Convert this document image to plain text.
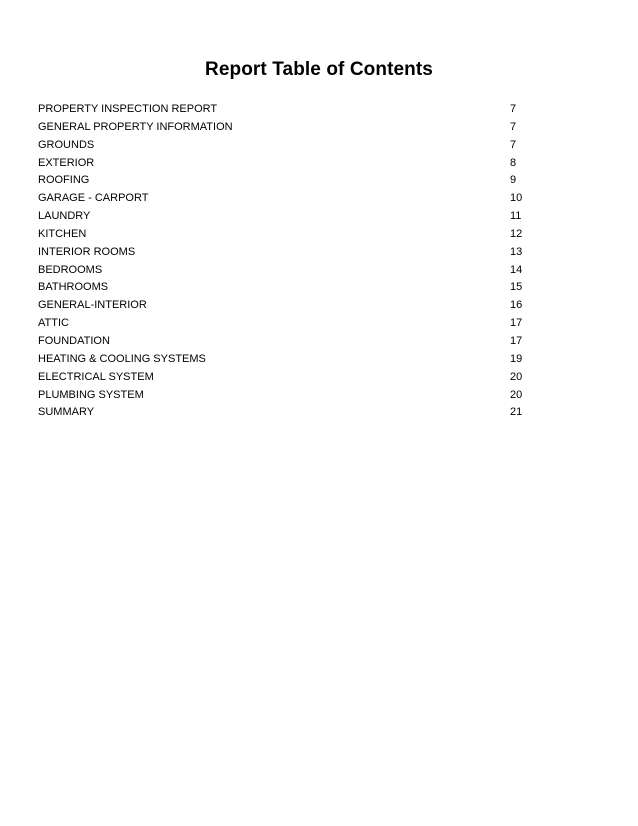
Report Table of Contents
PROPERTY INSPECTION REPORT	7
GENERAL PROPERTY INFORMATION	7
GROUNDS	7
EXTERIOR	8
ROOFING	9
GARAGE - CARPORT	10
LAUNDRY	11
KITCHEN	12
INTERIOR ROOMS	13
BEDROOMS	14
BATHROOMS	15
GENERAL-INTERIOR	16
ATTIC	17
FOUNDATION	17
HEATING & COOLING SYSTEMS	19
ELECTRICAL SYSTEM	20
PLUMBING SYSTEM	20
SUMMARY	21
